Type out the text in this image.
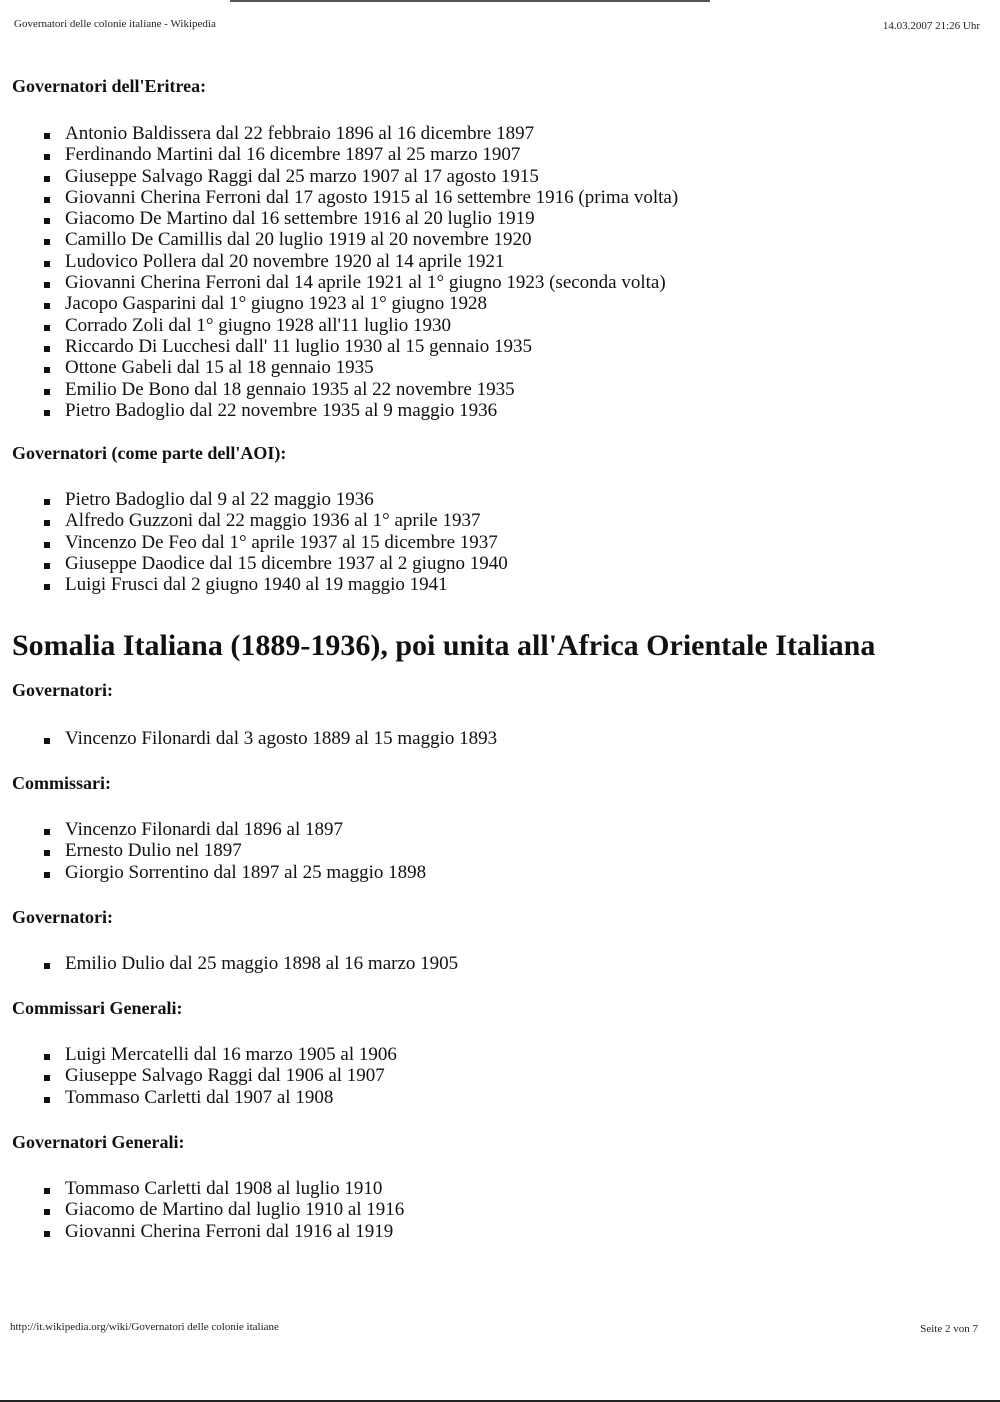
Governatori delle colonie italiane - Wikipedia	14.03.2007 21:26 Uhr
Governatori dell'Eritrea:
Antonio Baldissera dal 22 febbraio 1896 al 16 dicembre 1897
Ferdinando Martini dal 16 dicembre 1897 al 25 marzo 1907
Giuseppe Salvago Raggi dal 25 marzo 1907 al 17 agosto 1915
Giovanni Cherina Ferroni dal 17 agosto 1915 al 16 settembre 1916 (prima volta)
Giacomo De Martino dal 16 settembre 1916 al 20 luglio 1919
Camillo De Camillis dal 20 luglio 1919 al 20 novembre 1920
Ludovico Pollera dal 20 novembre 1920 al 14 aprile 1921
Giovanni Cherina Ferroni dal 14 aprile 1921 al 1° giugno 1923 (seconda volta)
Jacopo Gasparini dal 1° giugno 1923 al 1° giugno 1928
Corrado Zoli dal 1° giugno 1928 all'11 luglio 1930
Riccardo Di Lucchesi dall' 11 luglio 1930 al 15 gennaio 1935
Ottone Gabeli dal 15 al 18 gennaio 1935
Emilio De Bono dal 18 gennaio 1935 al 22 novembre 1935
Pietro Badoglio dal 22 novembre 1935 al 9 maggio 1936
Governatori (come parte dell'AOI):
Pietro Badoglio dal 9 al 22 maggio 1936
Alfredo Guzzoni dal 22 maggio 1936 al 1° aprile 1937
Vincenzo De Feo dal 1° aprile 1937 al 15 dicembre 1937
Giuseppe Daodice dal 15 dicembre 1937 al 2 giugno 1940
Luigi Frusci dal 2 giugno 1940 al 19 maggio 1941
Somalia Italiana (1889-1936), poi unita all'Africa Orientale Italiana
Governatori:
Vincenzo Filonardi dal 3 agosto 1889 al 15 maggio 1893
Commissari:
Vincenzo Filonardi dal 1896 al 1897
Ernesto Dulio nel 1897
Giorgio Sorrentino dal 1897 al 25 maggio 1898
Governatori:
Emilio Dulio dal 25 maggio 1898 al 16 marzo 1905
Commissari Generali:
Luigi Mercatelli dal 16 marzo 1905 al 1906
Giuseppe Salvago Raggi dal 1906 al 1907
Tommaso Carletti dal 1907 al 1908
Governatori Generali:
Tommaso Carletti dal 1908 al luglio 1910
Giacomo de Martino dal luglio 1910 al 1916
Giovanni Cherina Ferroni dal 1916 al 1919
http://it.wikipedia.org/wiki/Governatori delle colonie italiane	Seite 2 von 7
